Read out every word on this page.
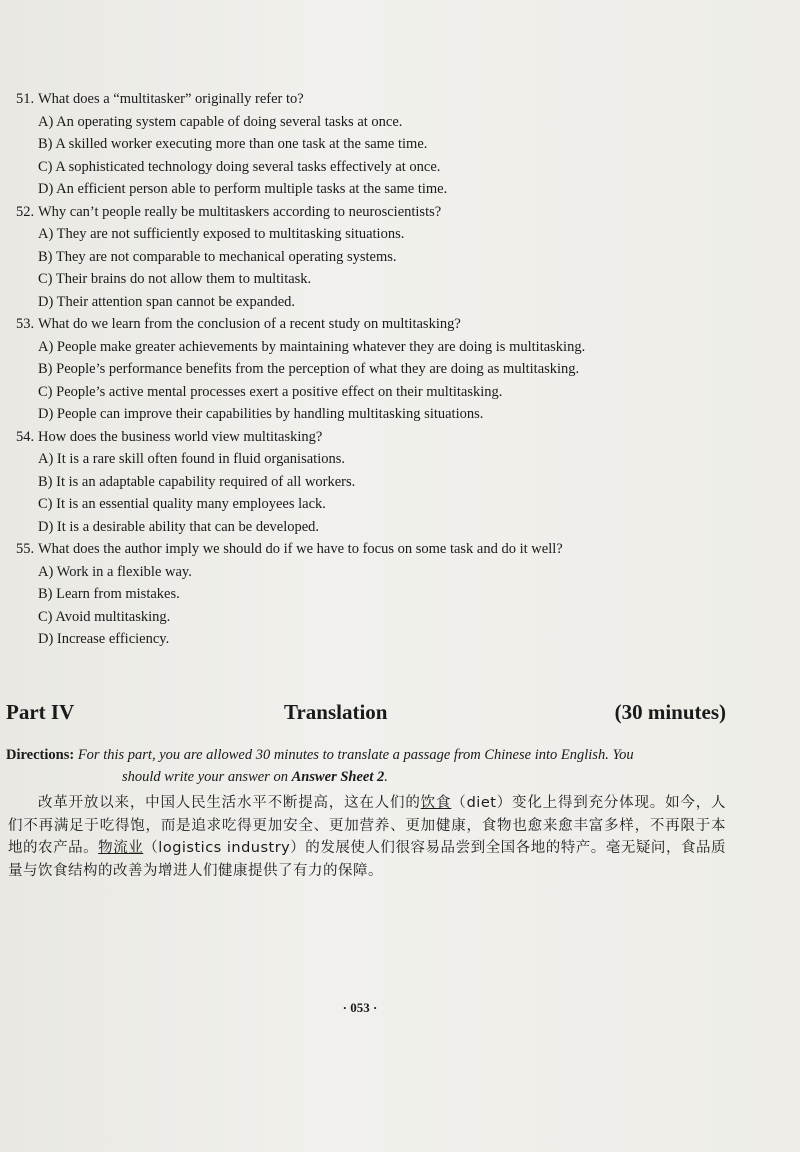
51. What does a “multitasker” originally refer to?
A) An operating system capable of doing several tasks at once.
B) A skilled worker executing more than one task at the same time.
C) A sophisticated technology doing several tasks effectively at once.
D) An efficient person able to perform multiple tasks at the same time.
52. Why can’t people really be multitaskers according to neuroscientists?
A) They are not sufficiently exposed to multitasking situations.
B) They are not comparable to mechanical operating systems.
C) Their brains do not allow them to multitask.
D) Their attention span cannot be expanded.
53. What do we learn from the conclusion of a recent study on multitasking?
A) People make greater achievements by maintaining whatever they are doing is multitasking.
B) People’s performance benefits from the perception of what they are doing as multitasking.
C) People’s active mental processes exert a positive effect on their multitasking.
D) People can improve their capabilities by handling multitasking situations.
54. How does the business world view multitasking?
A) It is a rare skill often found in fluid organisations.
B) It is an adaptable capability required of all workers.
C) It is an essential quality many employees lack.
D) It is a desirable ability that can be developed.
55. What does the author imply we should do if we have to focus on some task and do it well?
A) Work in a flexible way.
B) Learn from mistakes.
C) Avoid multitasking.
D) Increase efficiency.
Part IV	Translation	(30 minutes)
Directions: For this part, you are allowed 30 minutes to translate a passage from Chinese into English. You
should write your answer on Answer Sheet 2.
改革开放以来，中国人民生活水平不断提高，这在人们的饮食（diet）变化上得到充分体现。如今，人们不再满足于吃得饱，而是追求吃得更加安全、更加营养、更加健康，食物也愈来愈丰富多样，不再限于本地的农产品。物流业（logistics industry）的发展使人们很容易品尝到全国各地的特产。毫无疑问，食品质量与饮食结构的改善为增进人们健康提供了有力的保障。
· 053 ·
